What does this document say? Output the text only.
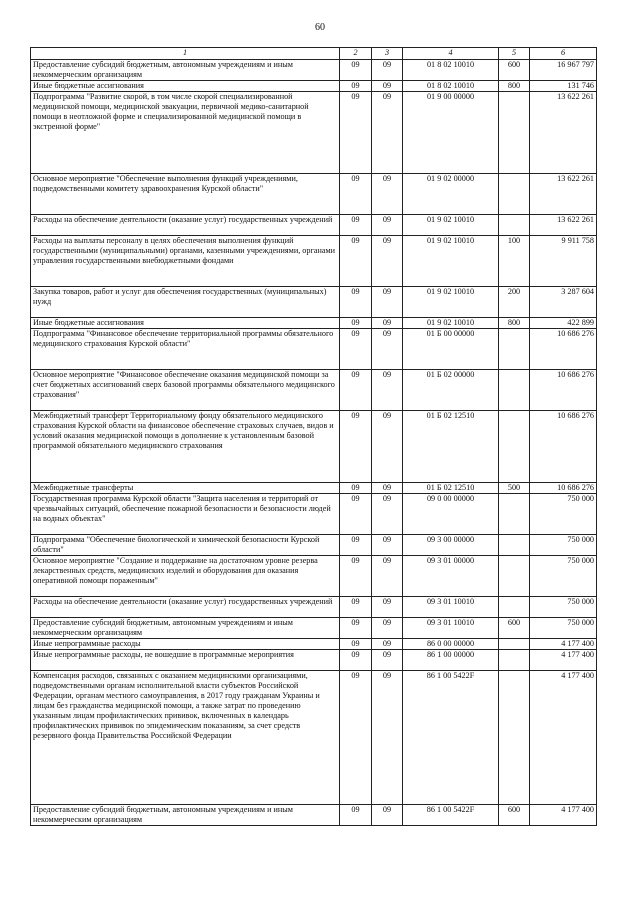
60
1	2	3	4	5	6
Предоставление субсидий бюджетным, автономным учреждениям и иным некоммерческим организациям	09	09	01 8 02 10010	600	16 967 797
Иные бюджетные ассигнования	09	09	01 8 02 10010	800	131 746
Подпрограмма "Развитие скорой, в том числе скорой специализированной медицинской помощи, медицинской эвакуации, первичной медико-санитарной помощи в неотложной форме и специализированной медицинской помощи в экстренной форме"	09	09	01 9 00 00000		13 622 261
Основное мероприятие "Обеспечение выполнения функций учреждениями, подведомственными комитету здравоохранения Курской области"	09	09	01 9 02 00000		13 622 261
Расходы на обеспечение деятельности (оказание услуг) государственных учреждений	09	09	01 9 02 10010		13 622 261
Расходы на выплаты персоналу в целях обеспечения выполнения функций государственными (муниципальными) органами, казенными учреждениями, органами управления государственными внебюджетными фондами	09	09	01 9 02 10010	100	9 911 758
Закупка товаров, работ и услуг для обеспечения государственных (муниципальных) нужд	09	09	01 9 02 10010	200	3 287 604
Иные бюджетные ассигнования	09	09	01 9 02 10010	800	422 899
Подпрограмма "Финансовое обеспечение территориальной программы обязательного медицинского страхования Курской области"	09	09	01 Б 00 00000		10 686 276
Основное мероприятие "Финансовое обеспечение оказания медицинской помощи за счет бюджетных ассигнований сверх базовой программы обязательного медицинского страхования"	09	09	01 Б 02 00000		10 686 276
Межбюджетный трансферт Территориальному фонду обязательного медицинского страхования Курской области на финансовое обеспечение страховых случаев, видов и условий оказания медицинской помощи в дополнение к установленным базовой программой обязательного медицинского страхования	09	09	01 Б 02 12510		10 686 276
Межбюджетные трансферты	09	09	01 Б 02 12510	500	10 686 276
Государственная программа Курской области "Защита населения и территорий от чрезвычайных ситуаций, обеспечение пожарной безопасности и безопасности людей на водных объектах"	09	09	09 0 00 00000		750 000
Подпрограмма "Обеспечение биологической и химической безопасности Курской области"	09	09	09 3 00 00000		750 000
Основное мероприятие "Создание и поддержание на достаточном уровне резерва лекарственных средств, медицинских изделий и оборудования для оказания оперативной помощи пораженным"	09	09	09 3 01 00000		750 000
Расходы на обеспечение деятельности (оказание услуг) государственных учреждений	09	09	09 3 01 10010		750 000
Предоставление субсидий бюджетным, автономным учреждениям и иным некоммерческим организациям	09	09	09 3 01 10010	600	750 000
Иные непрограммные расходы	09	09	86 0 00 00000		4 177 400
Иные непрограммные расходы, не вошедшие в программные мероприятия	09	09	86 1 00 00000		4 177 400
Компенсация расходов, связанных с оказанием медицинскими организациями, подведомственными органам исполнительной власти субъектов Российской Федерации, органам местного самоуправления, в 2017 году гражданам Украины и лицам без гражданства медицинской помощи, а также затрат по проведению указанным лицам профилактических прививок, включенных в календарь профилактических прививок по эпидемическим показаниям, за счет средств резервного фонда Правительства Российской Федерации	09	09	86 1 00 5422F		4 177 400
Предоставление субсидий бюджетным, автономным учреждениям и иным некоммерческим организациям	09	09	86 1 00 5422F	600	4 177 400
